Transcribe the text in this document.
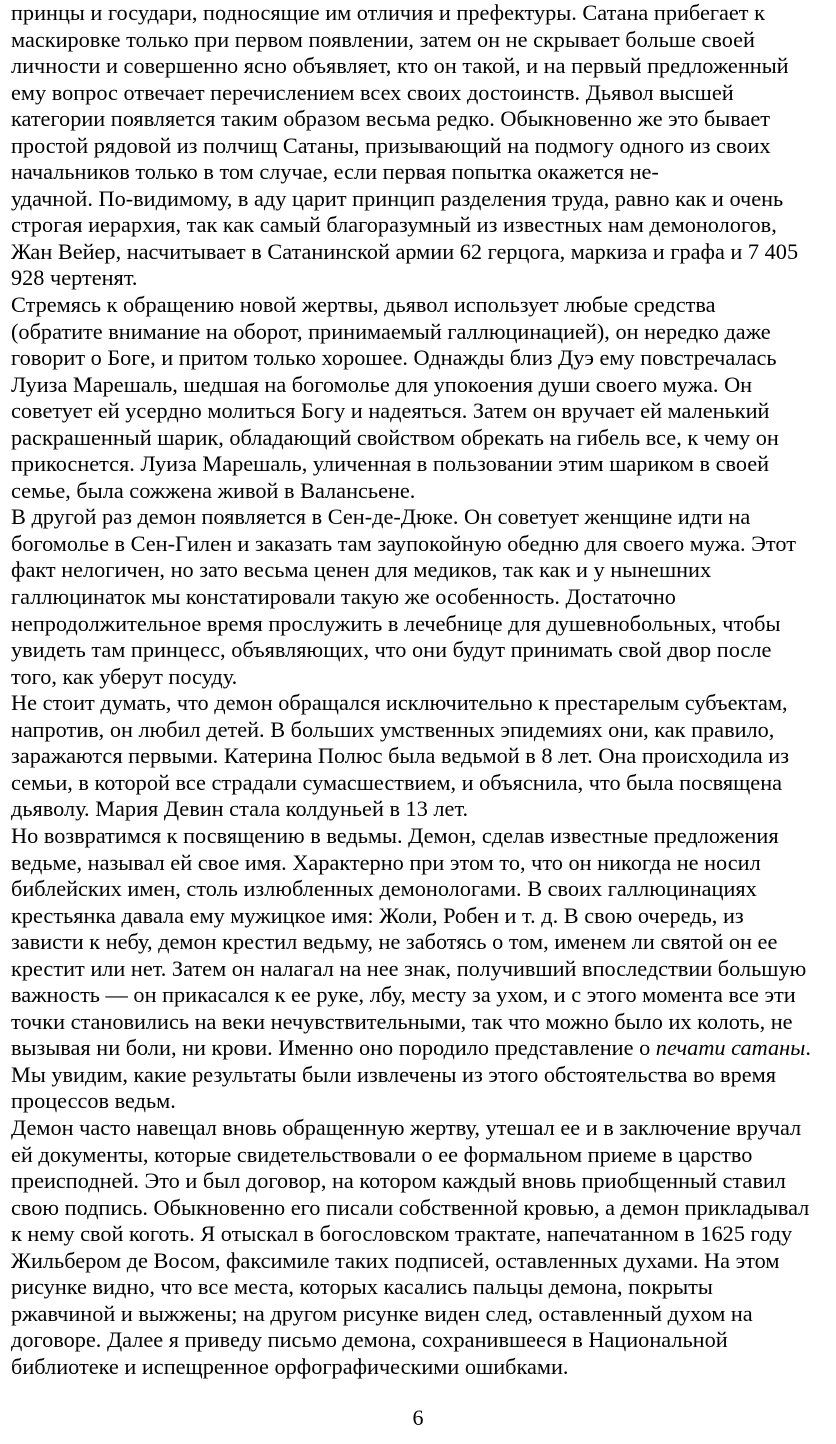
принцы и государи, подносящие им отличия и префектуры. Сатана прибегает к
маскировке только при первом появлении, затем он не скрывает больше своей
личности и совершенно ясно объявляет, кто он такой, и на первый предложенный
ему вопрос отвечает перечислением всех своих достоинств. Дьявол высшей
категории появляется таким образом весьма редко. Обыкновенно же это бывает
простой рядовой из полчищ Сатаны, призывающий на подмогу одного из своих
начальников только в том случае, если первая попытка окажется не-
удачной. По-видимому, в аду царит принцип разделения труда, равно как и очень
строгая иерархия, так как самый благоразумный из известных нам демонологов,
Жан Вейер, насчитывает в Сатанинской армии 62 герцога, маркиза и графа и 7 405
928 чертенят.
Стремясь к обращению новой жертвы, дьявол использует любые средства
(обратите внимание на оборот, принимаемый галлюцинацией), он нередко даже
говорит о Боге, и притом только хорошее. Однажды близ Дуэ ему повстречалась
Луиза Марешаль, шедшая на богомолье для упокоения души своего мужа. Он
советует ей усердно молиться Богу и надеяться. Затем он вручает ей маленький
раскрашенный шарик, обладающий свойством обрекать на гибель все, к чему он
прикоснется. Луиза Марешаль, уличенная в пользовании этим шариком в своей
семье, была сожжена живой в Валансьене.
В другой раз демон появляется в Сен-де-Дюке. Он советует женщине идти на
богомолье в Сен-Гилен и заказать там заупокойную обедню для своего мужа. Этот
факт нелогичен, но зато весьма ценен для медиков, так как и у нынешних
галлюцинаток мы констатировали такую же особенность. Достаточно
непродолжительное время прослужить в лечебнице для душевнобольных, чтобы
увидеть там принцесс, объявляющих, что они будут принимать свой двор после
того, как уберут посуду.
Не стоит думать, что демон обращался исключительно к престарелым субъектам,
напротив, он любил детей. В больших умственных эпидемиях они, как правило,
заражаются первыми. Катерина Полюс была ведьмой в 8 лет. Она происходила из
семьи, в которой все страдали сумасшествием, и объяснила, что была посвящена
дьяволу. Мария Девин стала колдуньей в 13 лет.
Но возвратимся к посвящению в ведьмы. Демон, сделав известные предложения
ведьме, называл ей свое имя. Характерно при этом то, что он никогда не носил
библейских имен, столь излюбленных демонологами. В своих галлюцинациях
крестьянка давала ему мужицкое имя: Жоли, Робен и т. д. В свою очередь, из
зависти к небу, демон крестил ведьму, не заботясь о том, именем ли святой он ее
крестит или нет. Затем он налагал на нее знак, получивший впоследствии большую
важность — он прикасался к ее руке, лбу, месту за ухом, и с этого момента все эти
точки становились на веки нечувствительными, так что можно было их колоть, не
вызывая ни боли, ни крови. Именно оно породило представление о печати сатаны.
Мы увидим, какие результаты были извлечены из этого обстоятельства во время
процессов ведьм.
Демон часто навещал вновь обращенную жертву, утешал ее и в заключение вручал
ей документы, которые свидетельствовали о ее формальном приеме в царство
преисподней. Это и был договор, на котором каждый вновь приобщенный ставил
свою подпись. Обыкновенно его писали собственной кровью, а демон прикладывал
к нему свой коготь. Я отыскал в богословском трактате, напечатанном в 1625 году
Жильбером де Восом, факсимиле таких подписей, оставленных духами. На этом
рисунке видно, что все места, которых касались пальцы демона, покрыты
ржавчиной и выжжены; на другом рисунке виден след, оставленный духом на
договоре. Далее я приведу письмо демона, сохранившееся в Национальной
библиотеке и испещренное орфографическими ошибками.
6
